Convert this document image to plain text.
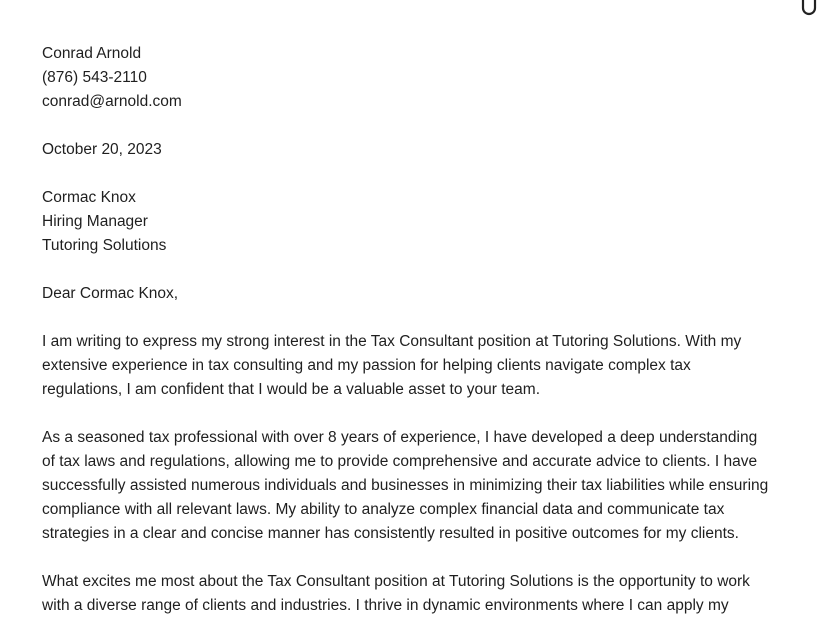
Conrad Arnold
(876) 543-2110
conrad@arnold.com
October 20, 2023
Cormac Knox
Hiring Manager
Tutoring Solutions
Dear Cormac Knox,
I am writing to express my strong interest in the Tax Consultant position at Tutoring Solutions. With my
extensive experience in tax consulting and my passion for helping clients navigate complex tax
regulations, I am confident that I would be a valuable asset to your team.
As a seasoned tax professional with over 8 years of experience, I have developed a deep understanding
of tax laws and regulations, allowing me to provide comprehensive and accurate advice to clients. I have
successfully assisted numerous individuals and businesses in minimizing their tax liabilities while ensuring
compliance with all relevant laws. My ability to analyze complex financial data and communicate tax
strategies in a clear and concise manner has consistently resulted in positive outcomes for my clients.
What excites me most about the Tax Consultant position at Tutoring Solutions is the opportunity to work
with a diverse range of clients and industries. I thrive in dynamic environments where I can apply my
